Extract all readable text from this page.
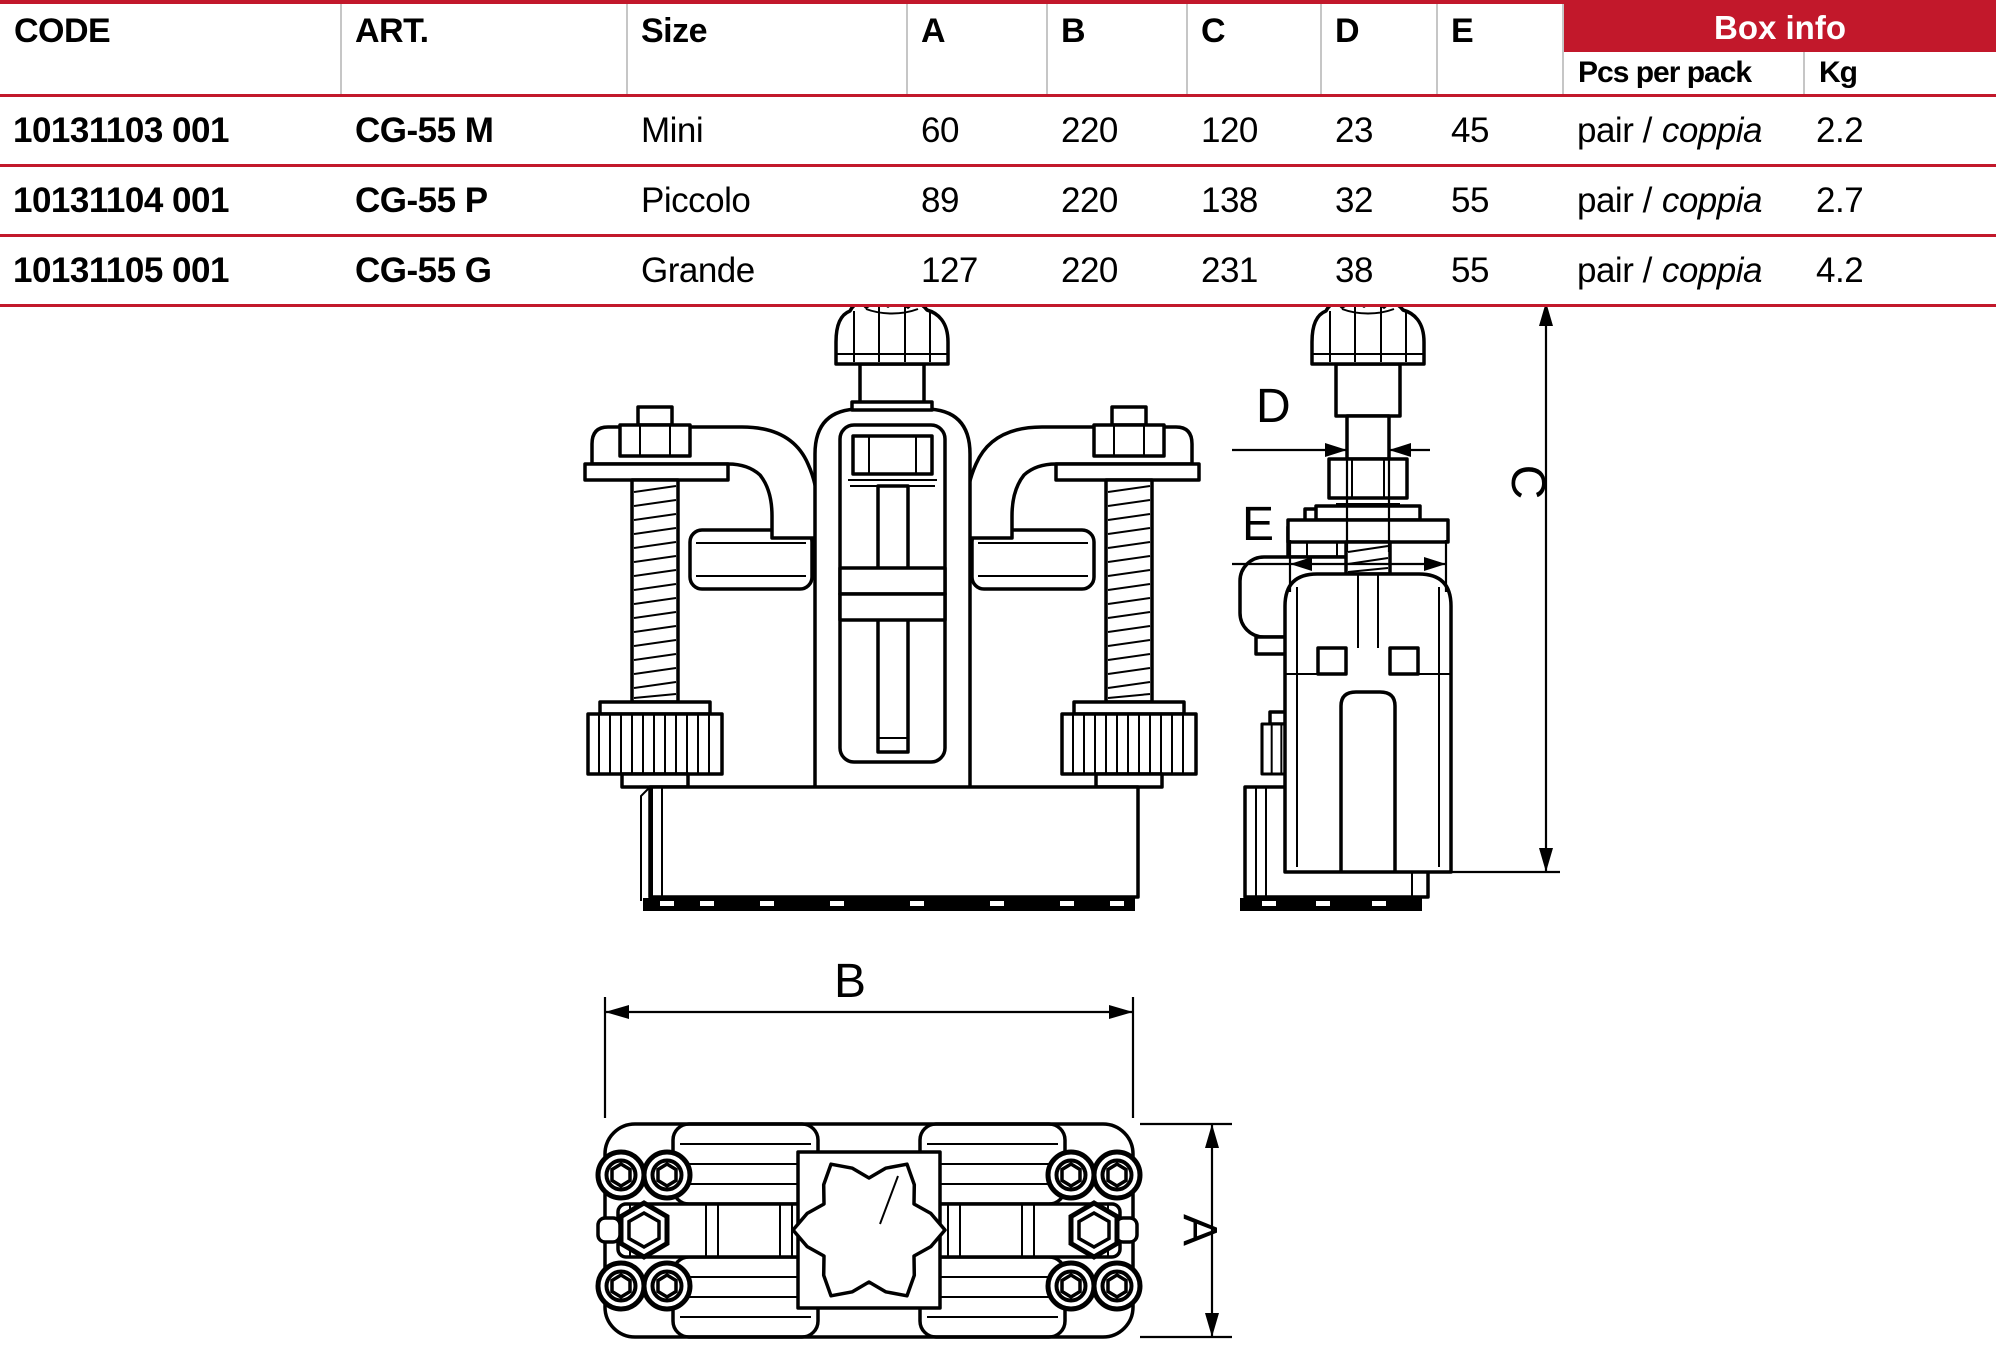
CODE	ART.	Size	A	B	C	D	E	Box info
Pcs per pack	Kg
10131103 001	CG-55 M	Mini	60	220	120	23	45	pair / coppia	2.2
10131104 001	CG-55 P	Piccolo	89	220	138	32	55	pair / coppia	2.7
10131105 001	CG-55 G	Grande	127	220	231	38	55	pair / coppia	4.2
D
E
C
B
A
